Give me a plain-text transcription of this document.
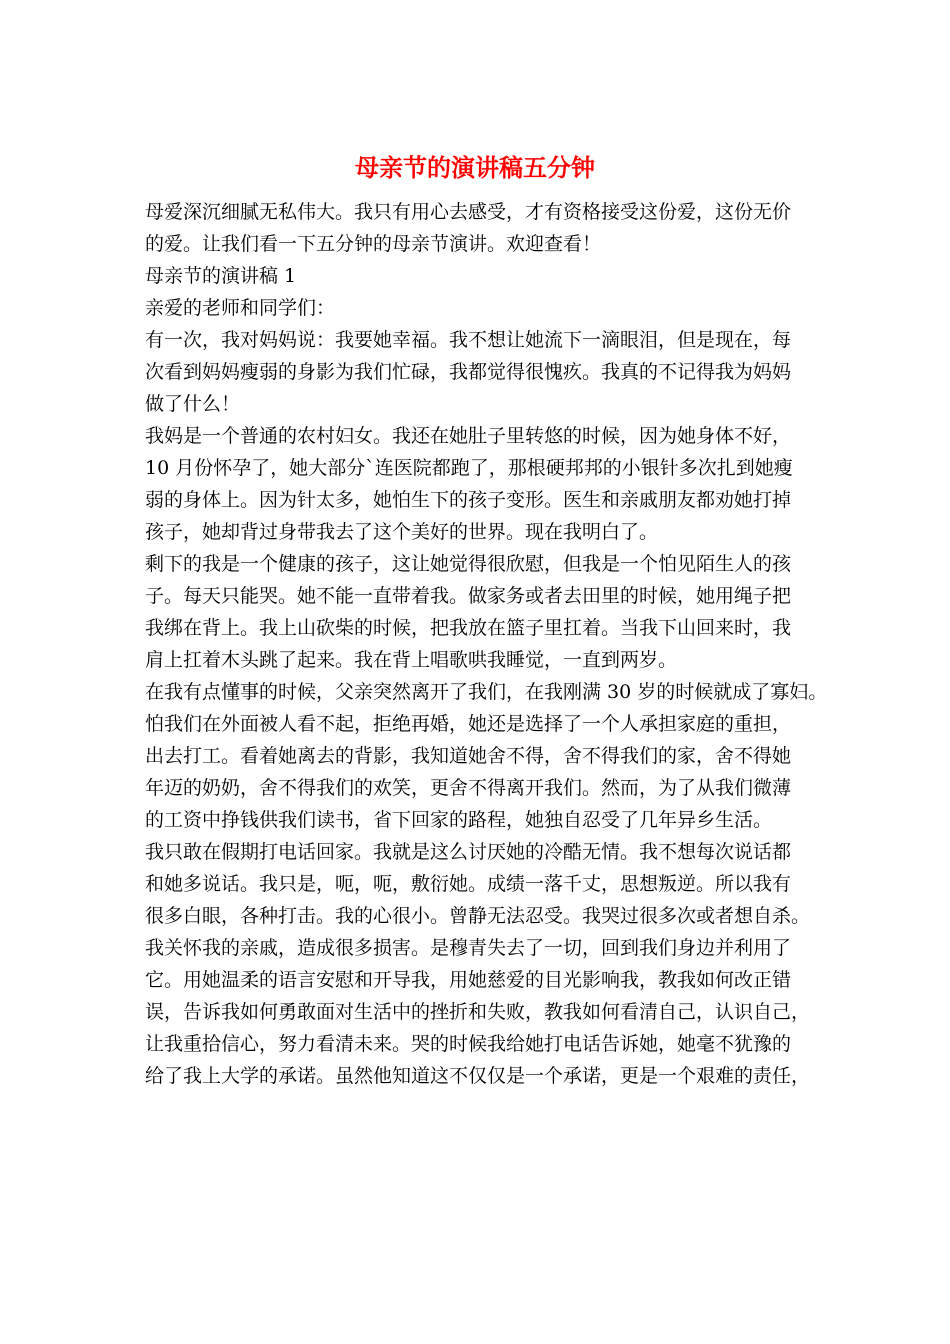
母亲节的演讲稿五分钟

母爱深沉细腻无私伟大。我只有用心去感受，才有资格接受这份爱，这份无价

的爱。让我们看一下五分钟的母亲节演讲。欢迎查看！

母亲节的演讲稿 1

亲爱的老师和同学们：

有一次，我对妈妈说：我要她幸福。我不想让她流下一滴眼泪，但是现在，每

次看到妈妈瘦弱的身影为我们忙碌，我都觉得很愧疚。我真的不记得我为妈妈

做了什么！

我妈是一个普通的农村妇女。我还在她肚子里转悠的时候，因为她身体不好，

10 月份怀孕了，她大部分`连医院都跑了，那根硬邦邦的小银针多次扎到她瘦

弱的身体上。因为针太多，她怕生下的孩子变形。医生和亲戚朋友都劝她打掉

孩子，她却背过身带我去了这个美好的世界。现在我明白了。

剩下的我是一个健康的孩子，这让她觉得很欣慰，但我是一个怕见陌生人的孩

子。每天只能哭。她不能一直带着我。做家务或者去田里的时候，她用绳子把

我绑在背上。我上山砍柴的时候，把我放在篮子里扛着。当我下山回来时，我

肩上扛着木头跳了起来。我在背上唱歌哄我睡觉，一直到两岁。

在我有点懂事的时候，父亲突然离开了我们，在我刚满 30 岁的时候就成了寡妇。

怕我们在外面被人看不起，拒绝再婚，她还是选择了一个人承担家庭的重担，

出去打工。看着她离去的背影，我知道她舍不得，舍不得我们的家，舍不得她

年迈的奶奶，舍不得我们的欢笑，更舍不得离开我们。然而，为了从我们微薄

的工资中挣钱供我们读书，省下回家的路程，她独自忍受了几年异乡生活。

我只敢在假期打电话回家。我就是这么讨厌她的冷酷无情。我不想每次说话都

和她多说话。我只是，呃，呃，敷衍她。成绩一落千丈，思想叛逆。所以我有

很多白眼，各种打击。我的心很小。曾静无法忍受。我哭过很多次或者想自杀。

我关怀我的亲戚，造成很多损害。是穆青失去了一切，回到我们身边并利用了

它。用她温柔的语言安慰和开导我，用她慈爱的目光影响我，教我如何改正错

误，告诉我如何勇敢面对生活中的挫折和失败，教我如何看清自己，认识自己，

让我重拾信心，努力看清未来。哭的时候我给她打电话告诉她，她毫不犹豫的

给了我上大学的承诺。虽然他知道这不仅仅是一个承诺，更是一个艰难的责任，
